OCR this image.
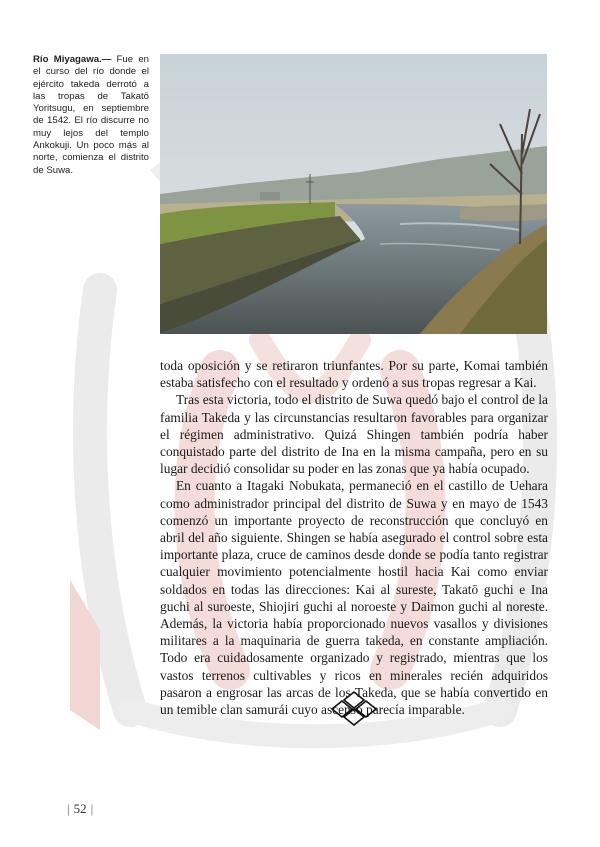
Río Miyagawa.— Fue en el curso del río donde el ejército takeda derrotó a las tropas de Takatō Yoritsugu, en septiembre de 1542. El río discurre no muy lejos del templo Ankokuji. Un poco más al norte, comienza el distrito de Suwa.

toda oposición y se retiraron triunfantes. Por su parte, Komai también estaba satisfecho con el resultado y ordenó a sus tropas regresar a Kai.

Tras esta victoria, todo el distrito de Suwa quedó bajo el control de la familia Takeda y las circunstancias resultaron favorables para organizar el régimen administrativo. Quizá Shingen también podría haber conquistado parte del distrito de Ina en la misma campaña, pero en su lugar decidió consolidar su poder en las zonas que ya había ocupado.

En cuanto a Itagaki Nobukata, permaneció en el castillo de Uehara como administrador principal del distrito de Suwa y en mayo de 1543 comenzó un importante proyecto de reconstrucción que concluyó en abril del año siguiente. Shingen se había asegurado el control sobre esta importante plaza, cruce de caminos desde donde se podía tanto registrar cualquier movimiento potencialmente hostil hacia Kai como enviar soldados en todas las direcciones: Kai al sureste, Takatō guchi e Ina guchi al suroeste, Shiojiri guchi al noroeste y Daimon guchi al noreste. Además, la victoria había proporcionado nuevos vasallos y divisiones militares a la maquinaria de guerra takeda, en constante ampliación. Todo era cuidadosamente organizado y registrado, mientras que los vastos terrenos cultivables y ricos en minerales recién adquiridos pasaron a engrosar las arcas de los Takeda, que se había convertido en un temible clan samurái cuyo ascenso parecía imparable.

| 52 |
